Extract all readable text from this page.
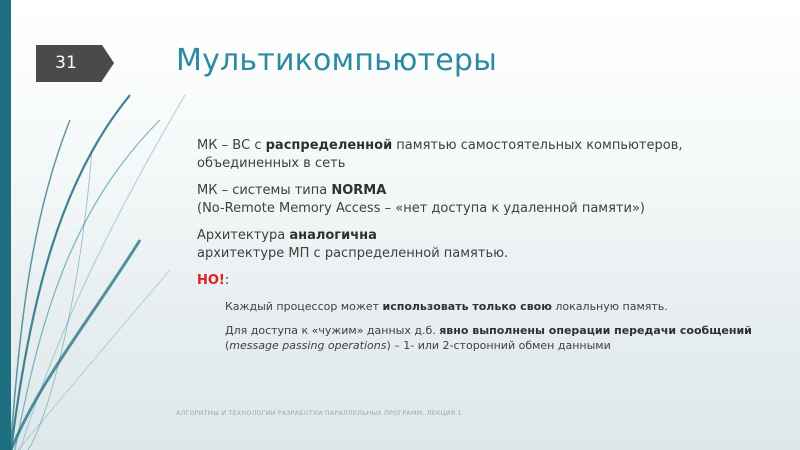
31	Мультикомпьютеры
МК – ВС с распределенной памятью самостоятельных компьютеров, объединенных в сеть
МК – системы типа NORMA
(No-Remote Memory Access – «нет доступа к удаленной памяти»)
Архитектура аналогична
архитектуре МП с распределенной памятью.
НО!:
Каждый процессор может использовать только свою локальную память.
Для доступа к «чужим» данных д.б. явно выполнены операции передачи сообщений (message passing operations) – 1- или 2-сторонний обмен данными
АЛГОРИТМЫ И ТЕХНОЛОГИИ РАЗРАБОТКИ ПАРАЛЛЕЛЬНЫХ ПРОГРАММ. ЛЕКЦИЯ 1
